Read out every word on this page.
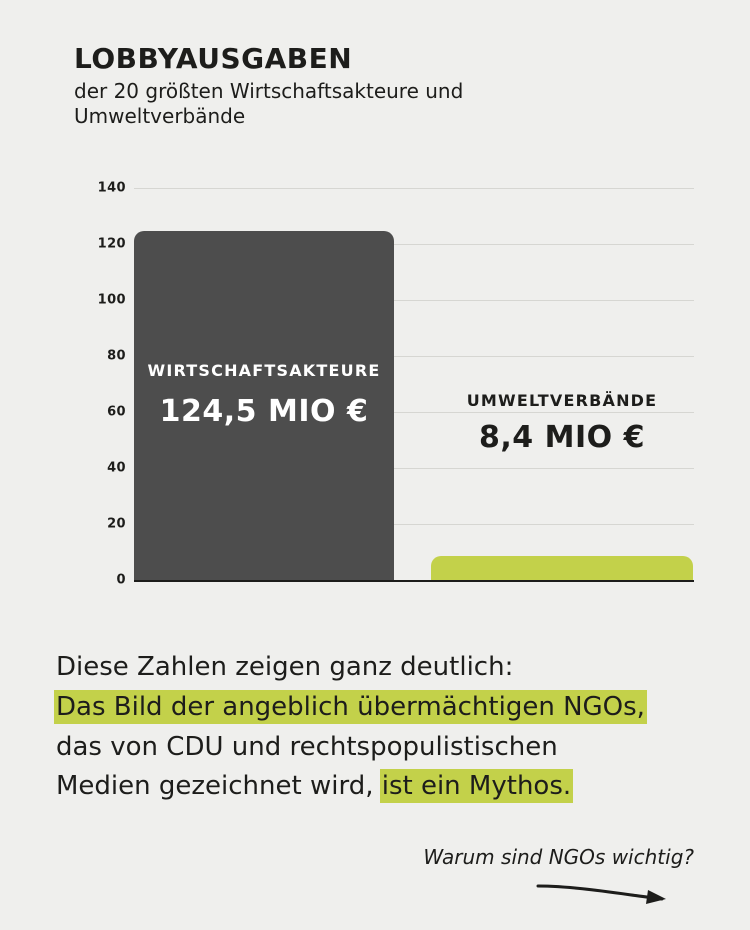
LOBBYAUSGABEN
der 20 größten Wirtschaftsakteure und Umweltverbände
0
20
40
60
80
100
120
140
WIRTSCHAFTSAKTEURE
124,5 MIO €	UMWELTVERBÄNDE
8,4 MIO €
Diese Zahlen zeigen ganz deutlich:
Das Bild der angeblich übermächtigen NGOs,
das von CDU und rechtspopulistischen
Medien gezeichnet wird, ist ein Mythos.
Warum sind NGOs wichtig?
